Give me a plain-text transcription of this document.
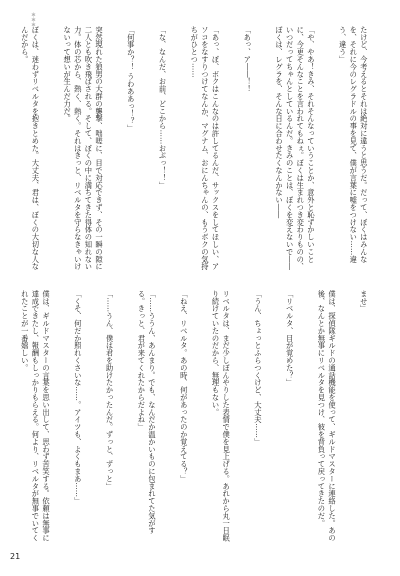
＊＊＊

たけど、今考えるとそれは絶対に違うと思うだ。だって、ぼくはみんなを、それに今のレグラドルの事を見て、僕が言葉に嘘をつけない……違う、違う」

「や、やあ！きみ、それそんなっていうことか、意外と恥ずかしいことに、今更そんなことを言われてもねぇ。ぼくは生まれつき変わりものの、いつだってちゃんとしているんだ。きみのことは、ぼくを変えないで――ぼくは、レグラを、そんな日に合わせたくなんかない――

「あっ、ア――！！

「あっ、ぼ、ボクはこんなのは許してるんだ、サックスをしてほしい、アソコをなすりつけてなんか、マグナム、おにんちゃんの、もうボクの気持ちがひとつ……

「な、なんだ、お前、どこから……おぷっ！！」

「何事か？！ うわああっ！？」

突然現れた狼男の大群の襲撃、咄嗟に、目で対応できず、その一瞬の隙に二人とも吹き飛ばされる。そして、ぼくの中に満ちてきた得体の知れない力。体の芯から、熱く、熱く。それはきっと、リベルタを守らなきゃいけないって想いが生んだ力だ。

ぼくは、迷わずリベルタを抱きとめた。大丈夫、君は、ぼくの大切な人なんだから。

ませ」

僕は、探偵隊ギルドの通話機能を使って、ギルドマスターに連絡した。あの後、なんとか無事にリベルタを見つけ、彼を背負って戻ってきたのだ。

「リベルタ、目が覚めた？」

「うん、ちょっとふらつくけど、大丈夫……」

リベルタは、まだ少しぼんやりした表情で僕を見上げる。あれから丸一日眠り続けていたのだから、無理もない。

「ねえ、リベルタ。あの時、何があったのか覚えてる？」

「……ううん、あんまり。でも、なんだか温かいものに包まれてた気がする。きっと、君が来てくれたからだよね」

「……うん、僕は君を助けたかったんだ。ずっと、ずっと」

「くそ、何だか照れくさいな……。アイツも、よくもまあ……」

僕は、ギルドマスターの言葉を思い出して、思わず苦笑する。依頼は無事に達成できたし、報酬もしっかりもらえる。何より、リベルタが無事でいてくれたことが一番嬉しい。

21
